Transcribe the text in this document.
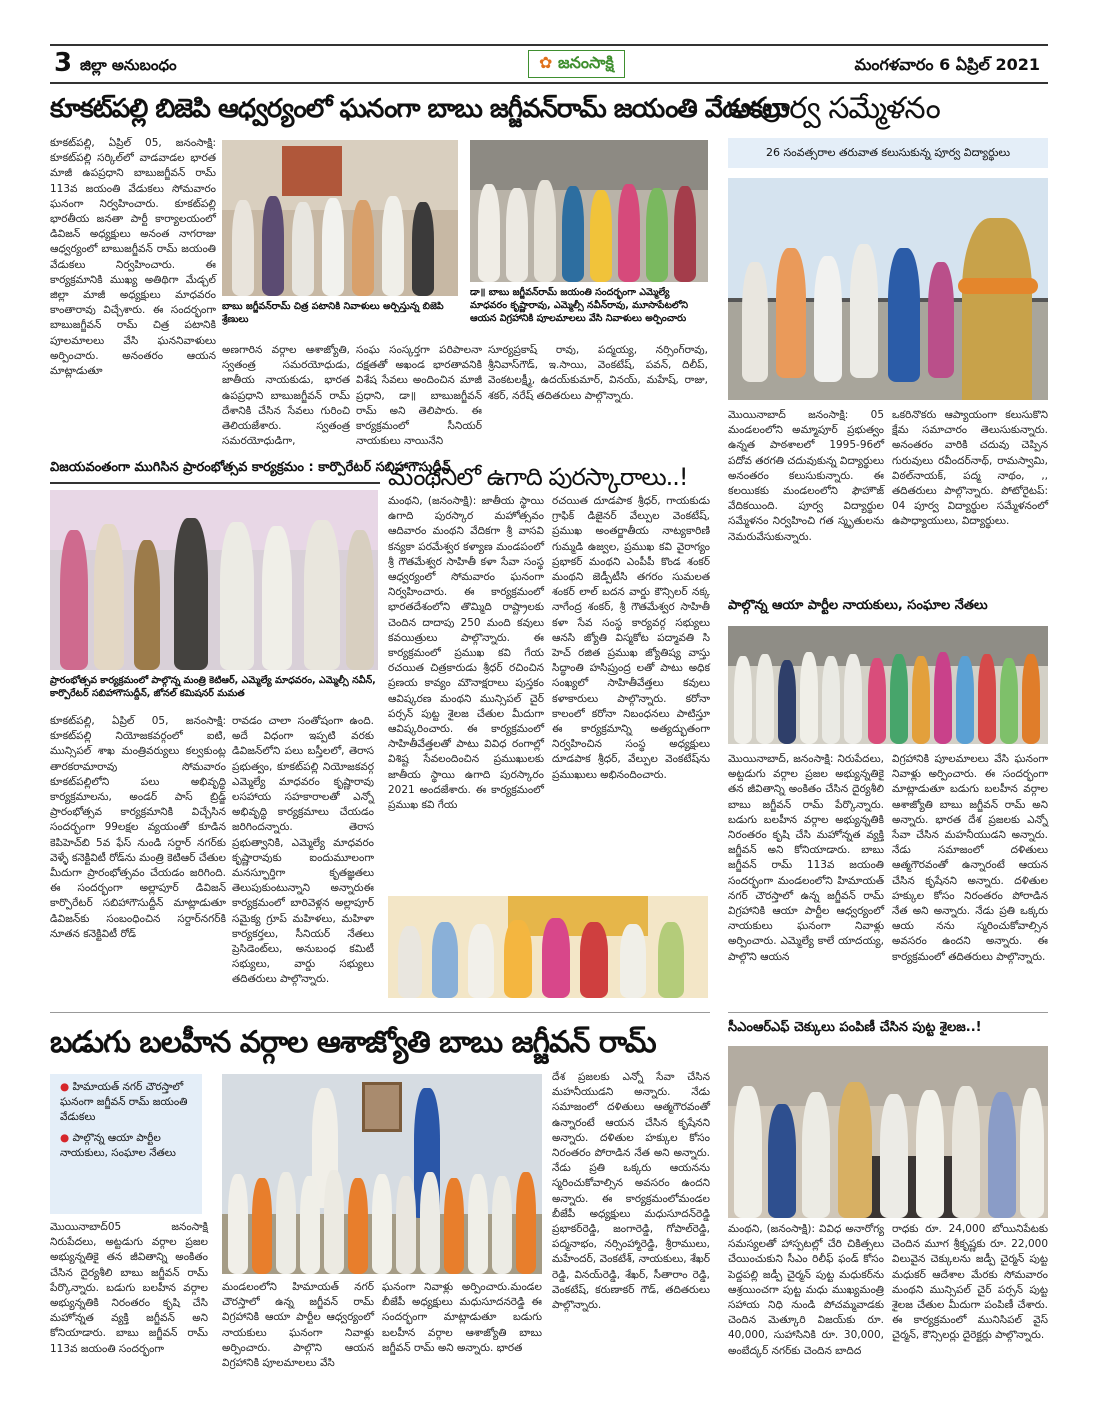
3 జిల్లా అనుబంధం	✿ జనంసాక్షి	మంగళవారం 6 ఏప్రిల్ 2021
కూకట్‌పల్లి బిజెపి ఆధ్వర్యంలో ఘనంగా బాబు జగ్జీవన్‌రామ్ జయంతి వేడుకలు
కూకట్‌పల్లి, ఏప్రిల్ 05, జనంసాక్షి: కూకట్‌పల్లి సర్కిల్‌లో వాడవాడల భారత మాజీ ఉపప్రధాని బాబుజగ్జీవన్ రామ్ 113వ జయంతి వేడుకలు సోమవారం ఘనంగా నిర్వహించారు. కూకట్‌పల్లి భారతీయ జనతా పార్టీ కార్యాలయంలో డివిజన్ అధ్యక్షులు అనంత నాగరాజు ఆధ్వర్యంలో బాబుజగ్జీవన్ రామ్ జయంతి వేడుకలు నిర్వహించారు. ఈ కార్యక్రమానికి ముఖ్య అతిథిగా మేడ్చల్ జిల్లా మాజీ అధ్యక్షులు మాధవరం కాంతారావు విచ్చేశారు. ఈ సందర్భంగా బాబుజగ్జీవన్ రామ్ చిత్ర పటానికి పూలమాలలు వేసి ఘననివాళులు అర్పించారు. అనంతరం ఆయన మాట్లాడుతూ
బాబు జగ్జీవన్‌రామ్ చిత్ర పటానికి నివాళులు అర్పిస్తున్న బిజెపి శ్రేణులు
డా॥ బాబు జగ్జీవన్‌రామ్ జయంతి సందర్భంగా ఎమ్మెల్యే మాధవరం కృష్ణారావు, ఎమ్మెల్సీ నవీన్‌రావు, మూసాపేటలోని ఆయన విగ్రహానికి పూలమాలలు వేసి నివాళులు అర్పించారు
అణగారిన వర్గాల ఆశాజ్యోతి, స్వతంత్ర సమరయోధుడు, జాతీయ నాయకుడు, భారత ఉపప్రధాని బాబుజగ్జీవన్ రామ్ దేశానికి చేసిన సేవలు గురించి తెలియజేశారు. స్వతంత్ర సమరయోధుడిగా,
సంఘ సంస్కర్తగా పరిపాలనా దక్షతతో అఖండ భారతావనికి విశేష సేవలు అందించిన మాజీ ప్రధాని, డా॥ బాబుజగ్జీవన్ రామ్ అని తెలిపారు. ఈ కార్యక్రమంలో సీనియర్ నాయకులు నాయినేని
సూర్యప్రకాష్ రావు, పద్మయ్య, నర్సింగ్‌రావు, శ్రీనివాస్‌గౌడ్, ఇ.సాయి, వెంకటేష్, పవన్, దిలీప్, వెంకటలక్ష్మీ, ఉదయ్‌కుమార్, వినయ్, మహేష్, రాజు, శకర్, నరేష్ తదితరులు పాల్గొన్నారు.
అపూర్వ సమ్మేళనం
26 సంవత్సరాల తరువాత కలుసుకున్న పూర్వ విద్యార్థులు
మొయినాబాద్ జనంసాక్షి: 05 మండలంలోని అమ్మాపూర్ ప్రభుత్వం ఉన్నత పాఠశాలలో 1995-96లో పదోవ తరగతి చదువుకున్న విద్యార్థులు అనంతరం కలుసుకున్నారు. ఈ కలయికకు మండలంలోని ఫౌహౌజ్ వేదికయింది. పూర్వ విద్యార్థుల సమ్మేళనం నిర్వహించి గత స్మృతులను నెమరువేసుకున్నారు.
ఒకరినొకరు ఆప్యాయంగా కలుసుకొని క్షేమ సమాచారం తెలుసుకున్నారు. అనంతరం వారికి చదువు చెప్పిన గురువులు రవీందర్‌నాథ్, రామస్వామి, విఠల్‌నాయక్, పద్మ నాథం, ,, తదితరులు పాల్గొన్నారు. పోటోరైటప్: 04 పూర్వ విద్యార్థుల సమ్మేళనంలో ఉపాధ్యాయులు, విద్యార్థులు.
విజయవంతంగా ముగిసిన ప్రారంభోత్సవ కార్యక్రమం : కార్పొరేటర్ సబిహాగౌసుద్దీన్
ప్రారంభోత్సవ కార్యక్రమంలో పాల్గొన్న మంత్రి కెటిఆర్, ఎమ్మెల్యే మాధవరం, ఎమ్మెల్సీ నవీన్, కార్పొరేటర్ సబిహాగౌసుద్దీన్, జోనల్ కమిషనర్ మమత
కూకట్‌పల్లి, ఏప్రిల్ 05, జనంసాక్షి: కూకట్‌పల్లి నియోజకవర్గంలో ఐటి, మున్సిపల్ శాఖ మంత్రివర్యులు కల్వకుంట్ల తారకరామారావు సోమవారం కూకట్‌పల్లిలోని పలు అభివృద్ధి కార్యక్రమాలను, అండర్ పాస్ బ్రిడ్జ్ ప్రారంభోత్సవ కార్యక్రమానికి విచ్చేసిన సందర్భంగా 99లక్షల వ్యయంతో కూడిన కెపిహెచ్‌బి 5వ ఫేస్ నుండి సర్దార్ నగర్‌కు వెళ్ళే కనెక్టివిటీ రోడ్‌ను మంత్రి కెటిఆర్ చేతుల మీదుగా ప్రారంభోత్సవం చేయడం జరిగింది. ఈ సందర్భంగా అల్లాపూర్ డివిజన్ కార్పొరేటర్ సబిహాగౌసుద్దీన్ మాట్లాడుతూ డివిజన్‌కు సంబంధించిన సర్దార్‌నగర్‌కి నూతన కనెక్టివిటీ రోడ్
రావడం చాలా సంతోషంగా ఉంది. అదే విధంగా ఇప్పటి వరకు డివిజన్‌లోని పలు బస్తీలలో, తెరాస ప్రభుత్వం, కూకట్‌పల్లి నియోజకవర్గ ఎమ్మెల్యే మాధవరం కృష్ణారావు లసహాయ సహకారాలతో ఎన్నో అభివృద్ధి కార్యక్రమాలు చేయడం జరిగిందన్నారు. తెరాస ప్రభుత్వానికి, ఎమ్మెల్యే మాధవరం కృష్ణారావుకు ఐందుమూలంగా మనస్ఫూర్తిగా కృతజ్ఞతలు తెలుపుకుంటున్నాని అన్నారుఈ కార్యక్రమంలో బారివెళ్లన అల్లాపూర్ సమైక్య గ్రూప్ మహిళలు, మహిళా కార్యకర్తలు, సీనియర్ నేతలు ప్రెసిడెంట్‌లు, అనుబంధ కమిటీ సభ్యులు, వార్డు సభ్యులు తదితరులు పాల్గొన్నారు.
మంథనిలో ఉగాది పురస్కారాలు..!
మంథని, (జనంసాక్షి): జాతీయ స్థాయి ఉగాది పురస్కార మహోత్సవం ఆదివారం మంథని వేదికగా శ్రీ వాసవి కన్యకా పరమేశ్వర కళ్యాణ మండపంలో శ్రీ గౌతమేశ్వర సాహితీ కళా సేవా సంస్థ ఆధ్వర్యంలో సోమవారం ఘనంగా నిర్వహించారు. ఈ కార్యక్రమంలో భారతదేశంలోని తొమ్మిది రాష్ట్రాలకు చెందిన దాదాపు 250 మంది కవులు కవయిత్రులు పాల్గొన్నారు. ఈ కార్యక్రమంలో ప్రముఖ కవి గేయ రచయిత చిత్రకారుడు శ్రీధర్ రచించిన ప్రణయ కావ్యం మౌనాక్షరాలు పుస్తకం ఆవిష్కరణ మంథని మున్సిపల్ చైర్ పర్సన్ పుట్ట శైలజ చేతుల మీదుగా ఆవిష్కరించారు. ఈ కార్యక్రమంలో సాహితీవేత్తలతో పాటు వివిధ రంగాల్లో విశిష్ట సేవలందించిన ప్రముఖులకు జాతీయ స్థాయి ఉగాది పురస్కారం 2021 అందజేశారు. ఈ కార్యక్రమంలో ప్రముఖ కవి గేయ
రచయిత దూడపాక శ్రీధర్, గాయకుడు గ్రాఫిక్ డిజైనర్ వేల్పుల వెంకటేష్, ప్రముఖ అంతర్జాతీయ నాట్యకారిణి గుమ్మడి ఉజ్వల, ప్రముఖ కవి వైరాగ్యం ప్రభాకర్ మంథని ఎంపీపీ కొండ శంకర్ మంథని జెడ్పీటీసి తగరం సుమలత శంకర్ లాల్ బదన వార్డు కౌన్సిలర్ నక్క నాగేంద్ర శంకర్, శ్రీ గౌతమేశ్వర సాహితీ కళా సేవ సంస్థ కార్యవర్గ సభ్యులు ఆనసి జ్యోతి విస్మకోట పద్మావతి సి హెచ్ రజిత ప్రముఖ జ్యోతిష్య వాస్తు సిద్ధాంతి హసిప్రుంద్ర లతో పాటు అధిక సంఖ్యలో సాహితీవేత్తలు కవులు కళాకారులు పాల్గొన్నారు. కరోనా కాలంలో కరోనా నిబంధనలు పాటిస్తూ ఈ కార్యక్రమాన్ని అత్యద్భుతంగా నిర్వహించిన సంస్థ అధ్యక్షులు దూడపాక శ్రీధర్, వేల్పుల వెంకటేష్‌ను ప్రముఖులు అభినందించారు.
పాల్గొన్న ఆయా పార్టీల నాయకులు, సంఘాల నేతలు
మొయినాబాద్, జనంసాక్షి: నిరుపేదలు, అట్టడుగు వర్గాల ప్రజల అభ్యున్నతికై తన జీవితాన్ని అంకితం చేసిన దైర్యశీలి బాబు జగ్జీవన్ రామ్ పేర్కొన్నారు. బడుగు బలహీన వర్గాల అభ్యున్నతికి నిరంతరం కృషి చేసి మహోన్నత వ్యక్తి జగ్జీవన్ అని కోనియాడారు. బాబు జగ్జీవన్ రామ్ 113వ జయంతి సందర్భంగా మండలంలోని హిమాయత్ నగర్ చౌరస్తాలో ఉన్న జగ్జీవన్ రామ్ విగ్రహానికి ఆయా పార్టీల ఆధ్వర్యంలో నాయకులు ఘనంగా నివాళ్లు అర్పించారు. ఎమ్మెల్యే కాలే యాదయ్య, పాల్గొని ఆయన
విగ్రహానికి పూలమాలలు వేసి ఘనంగా నివాళ్లు అర్పించారు. ఈ సందర్భంగా మాట్లాడుతూ బడుగు బలహీన వర్గాల ఆశాజ్యోతి బాబు జగ్జీవన్ రామ్ అని అన్నారు. భారత దేశ ప్రజలకు ఎన్నో సేవా చేసిన మహనీయుడని అన్నారు. నేడు సమాజంలో దళితులు ఆత్మగౌరవంతో ఉన్నారంటే ఆయన చేసిన కృషేనని అన్నారు. దళితుల హక్కుల కోసం నిరంతరం పోరాడిన నేత అని అన్నారు. నేడు ప్రతి ఒక్కరు ఆయ నను స్మరించుకోవాల్సిన అవసరం ఉందని అన్నారు. ఈ కార్యక్రమంలో తదితరులు పాల్గొన్నారు.
బడుగు బలహీన వర్గాల ఆశాజ్యోతి బాబు జగ్జీవన్ రామ్
● హిమాయత్ నగర్ చౌరస్తాలో ఘనంగా జగ్జీవన్ రామ్ జయంతి వేడుకలు
● పాల్గొన్న ఆయా పార్టీల నాయకులు, సంఘాల నేతలు
మొయినాబాద్05 జనంసాక్షి నిరుపేదలు, అట్టడుగు వర్గాల ప్రజల అభ్యున్నతికై తన జీవితాన్ని అంకితం చేసిన దైర్యశీలి బాబు జగ్జీవన్ రామ్ పేర్కొన్నారు. బడుగు బలహీన వర్గాల అభ్యున్నతికి నిరంతరం కృషి చేసి మహోన్నత వ్యక్తి జగ్జీవన్ అని కోనియాడారు. బాబు జగ్జీవన్ రామ్ 113వ జయంతి సందర్భంగా
మండలంలోని హిమాయత్ నగర్ చౌరస్తాలో ఉన్న జగ్జీవన్ రామ్ విగ్రహానికి ఆయా పార్టీల ఆధ్వర్యంలో నాయకులు ఘనంగా నివాళ్లు అర్పించారు. పాల్గొని ఆయన విగ్రహానికి పూలమాలలు వేసి
ఘనంగా నివాళ్లు అర్పించారు.మండల బీజేపీ అధ్యక్షులు మధుసూదనరెడ్డి ఈ సందర్భంగా మాట్లాడుతూ బడుగు బలహీన వర్గాల ఆశాజ్యోతి బాబు జగ్జీవన్ రామ్ అని అన్నారు. భారత
దేశ ప్రజలకు ఎన్నో సేవా చేసిన మహనీయుడని అన్నారు. నేడు సమాజంలో దళితులు ఆత్మగౌరవంతో ఉన్నారంటే ఆయన చేసిన కృషేనని అన్నారు. దళితుల హక్కుల కోసం నిరంతరం పోరాడిన నేత అని అన్నారు. నేడు ప్రతి ఒక్కరు ఆయనను స్మరించుకోవాల్సిన అవసరం ఉందని అన్నారు. ఈ కార్యక్రమంలోమండల బీజేపీ అధ్యక్షులు మధుసూదన్‌రెడ్డి ప్రభాకర్‌రెడ్డి, జంగారెడ్డి, గోపాల్‌రెడ్డి, పద్మనాభం, నర్సింహ్మారెడ్డి, శ్రీరాములు, మహేందర్, వెంకటేశ్, నాయకులు, శేఖర్ రెడ్డి, వినయ్‌రెడ్డి, శేఖర్, సీతారాం రెడ్డి, వెంకటేష్, కరుణాకర్ గౌడ్, తదితరులు పాల్గొన్నారు.
సీఎంఆర్‌ఎఫ్ చెక్కులు పంపిణీ చేసిన పుట్ట శైలజ..!
మంథని, (జనంసాక్షి): వివిధ అనారోగ్య సమస్యలతో హాస్పటల్లో చేరి చికిత్సలు చేయించుకుని సీఎం రిలీఫ్ ఫండ్ కోసం పెద్దపల్లి జడ్పీ చైర్మన్ పుట్ట మధుకర్‌ను ఆశ్రయించగా పుట్ట మధు ముఖ్యమంత్రి సహాయ నిధి నుండి పోచమ్మవాడకు చెందిన మెత్కూరి విజయ్‌కు రూ. 40,000, సుహాసినికి రూ. 30,000, అంబేద్కర్ నగర్‌కు చెందిన బాదిద
రాధకు రూ. 24,000 బోయినిపేటకు చెందిన మూగ శ్రీకృష్ణకు రూ. 22,000 విలువైన చెక్కులను జడ్పీ చైర్మన్ పుట్ట మధుకర్ ఆదేశాల మేరకు సోమవారం మంథని మున్సిపల్ చైర్ పర్సన్ పుట్ట శైలజ చేతుల మీదుగా పంపిణీ చేశారు. ఈ కార్యక్రమంలో మునిసిపల్ వైస్ చైర్మన్, కౌన్సిలర్లు దైరెక్టర్లు పాల్గొన్నారు.
